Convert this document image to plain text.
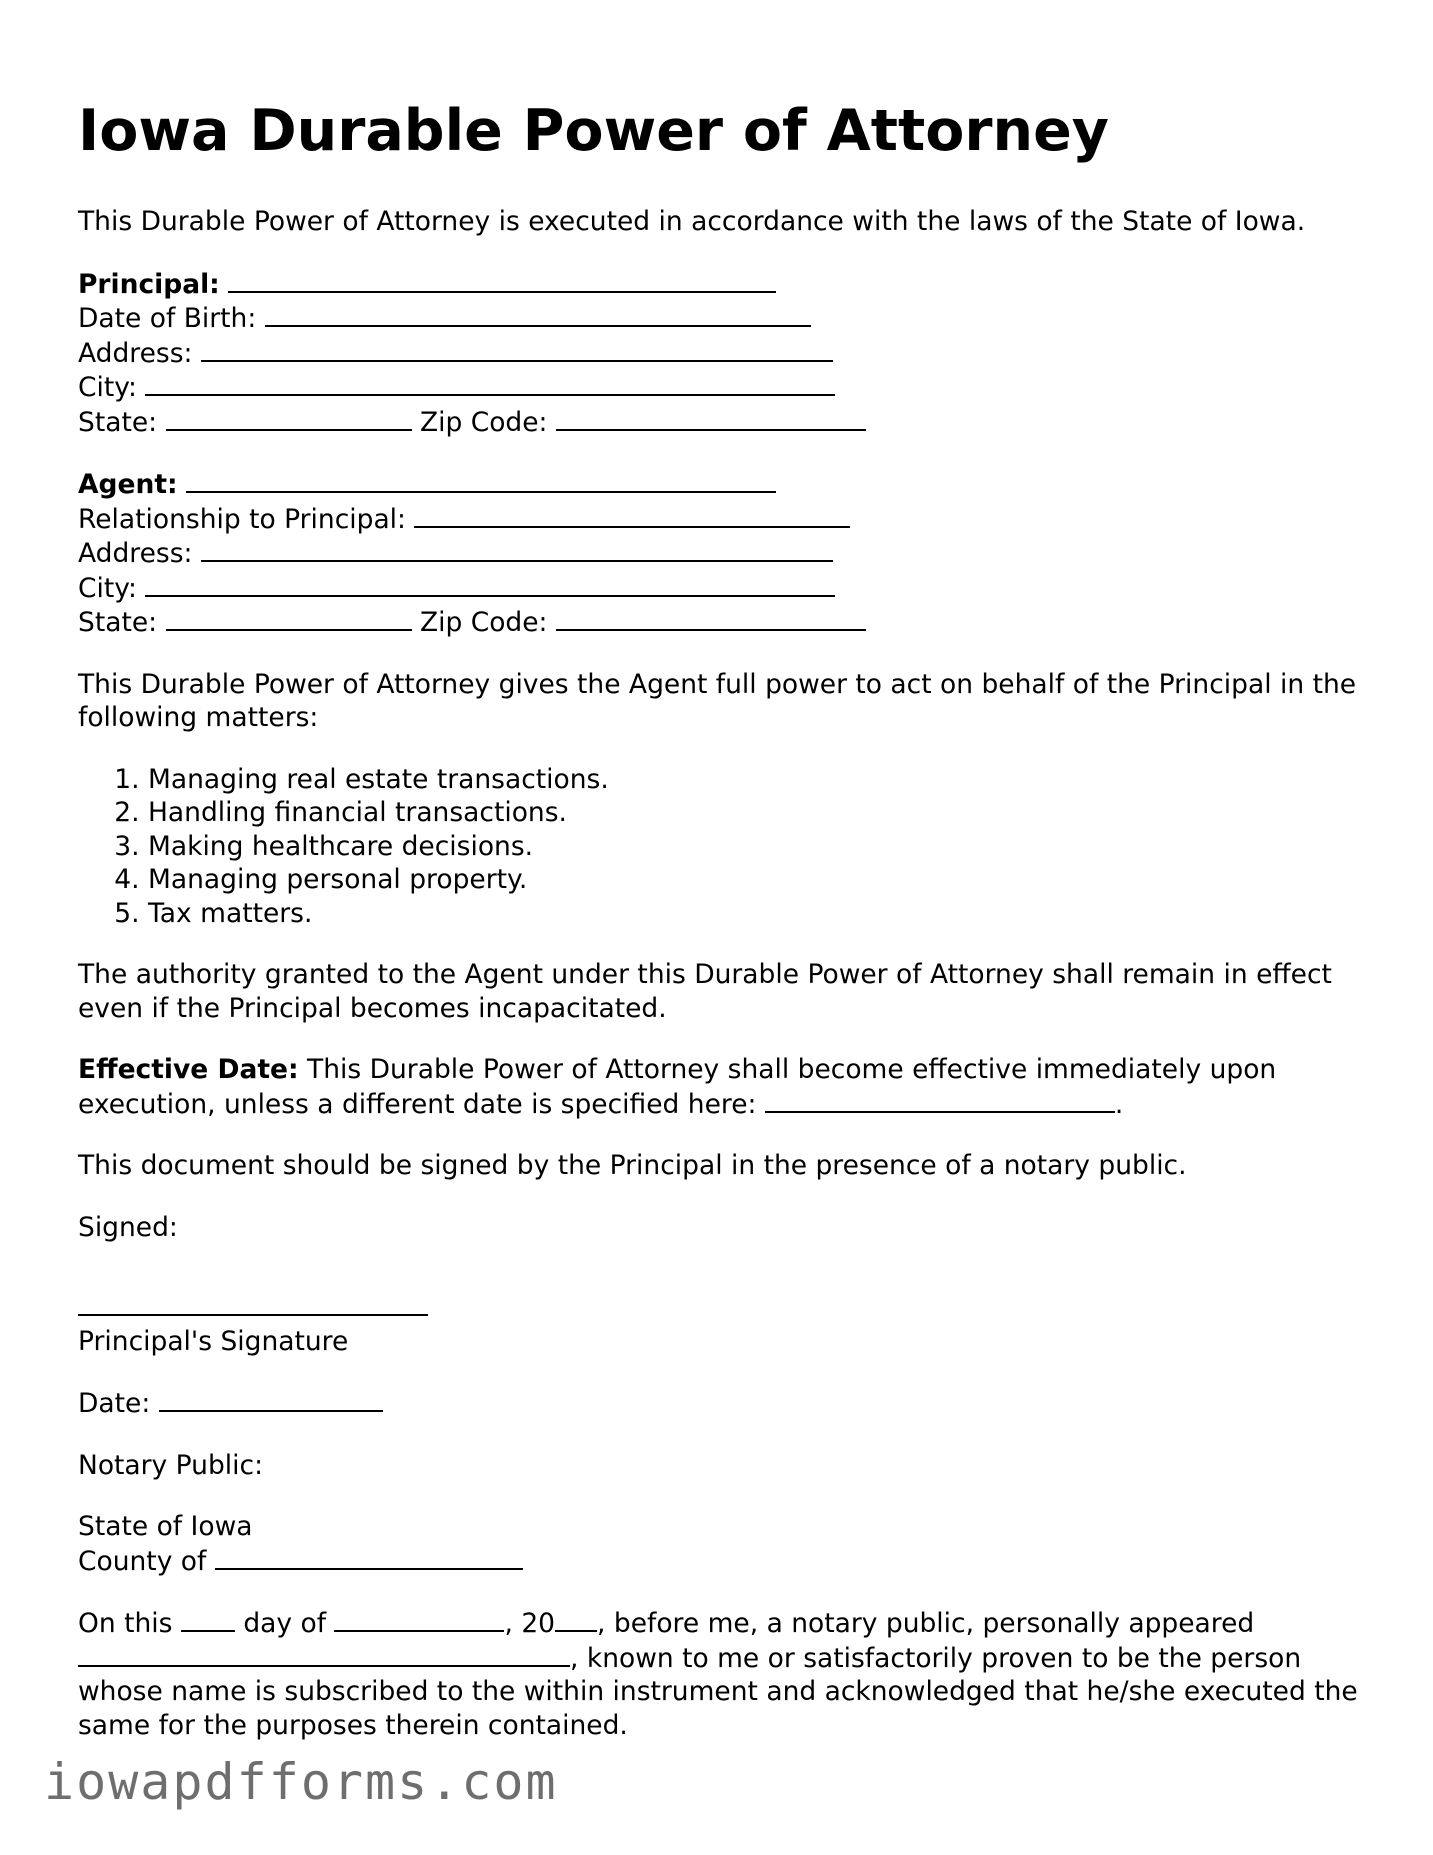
Iowa Durable Power of Attorney

This Durable Power of Attorney is executed in accordance with the laws of the State of Iowa.

Principal:
Date of Birth:
Address:
City:
State:	Zip Code:
Agent:
Relationship to Principal:
Address:
City:
State:	Zip Code:

This Durable Power of Attorney gives the Agent full power to act on behalf of the Principal in the following matters:

1. Managing real estate transactions.
2. Handling financial transactions.
3. Making healthcare decisions.
4. Managing personal property.
5. Tax matters.

The authority granted to the Agent under this Durable Power of Attorney shall remain in effect even if the Principal becomes incapacitated.

Effective Date: This Durable Power of Attorney shall become effective immediately upon execution, unless a different date is specified here:	.

This document should be signed by the Principal in the presence of a notary public.

Signed:
Principal's Signature

Date:

Notary Public:

State of Iowa
County of

On this	day of	, 20 , before me, a notary public, personally appeared , known to me or satisfactorily proven to be the person whose name is subscribed to the within instrument and acknowledged that he/she executed the same for the purposes therein contained.

iowapdfforms.com
